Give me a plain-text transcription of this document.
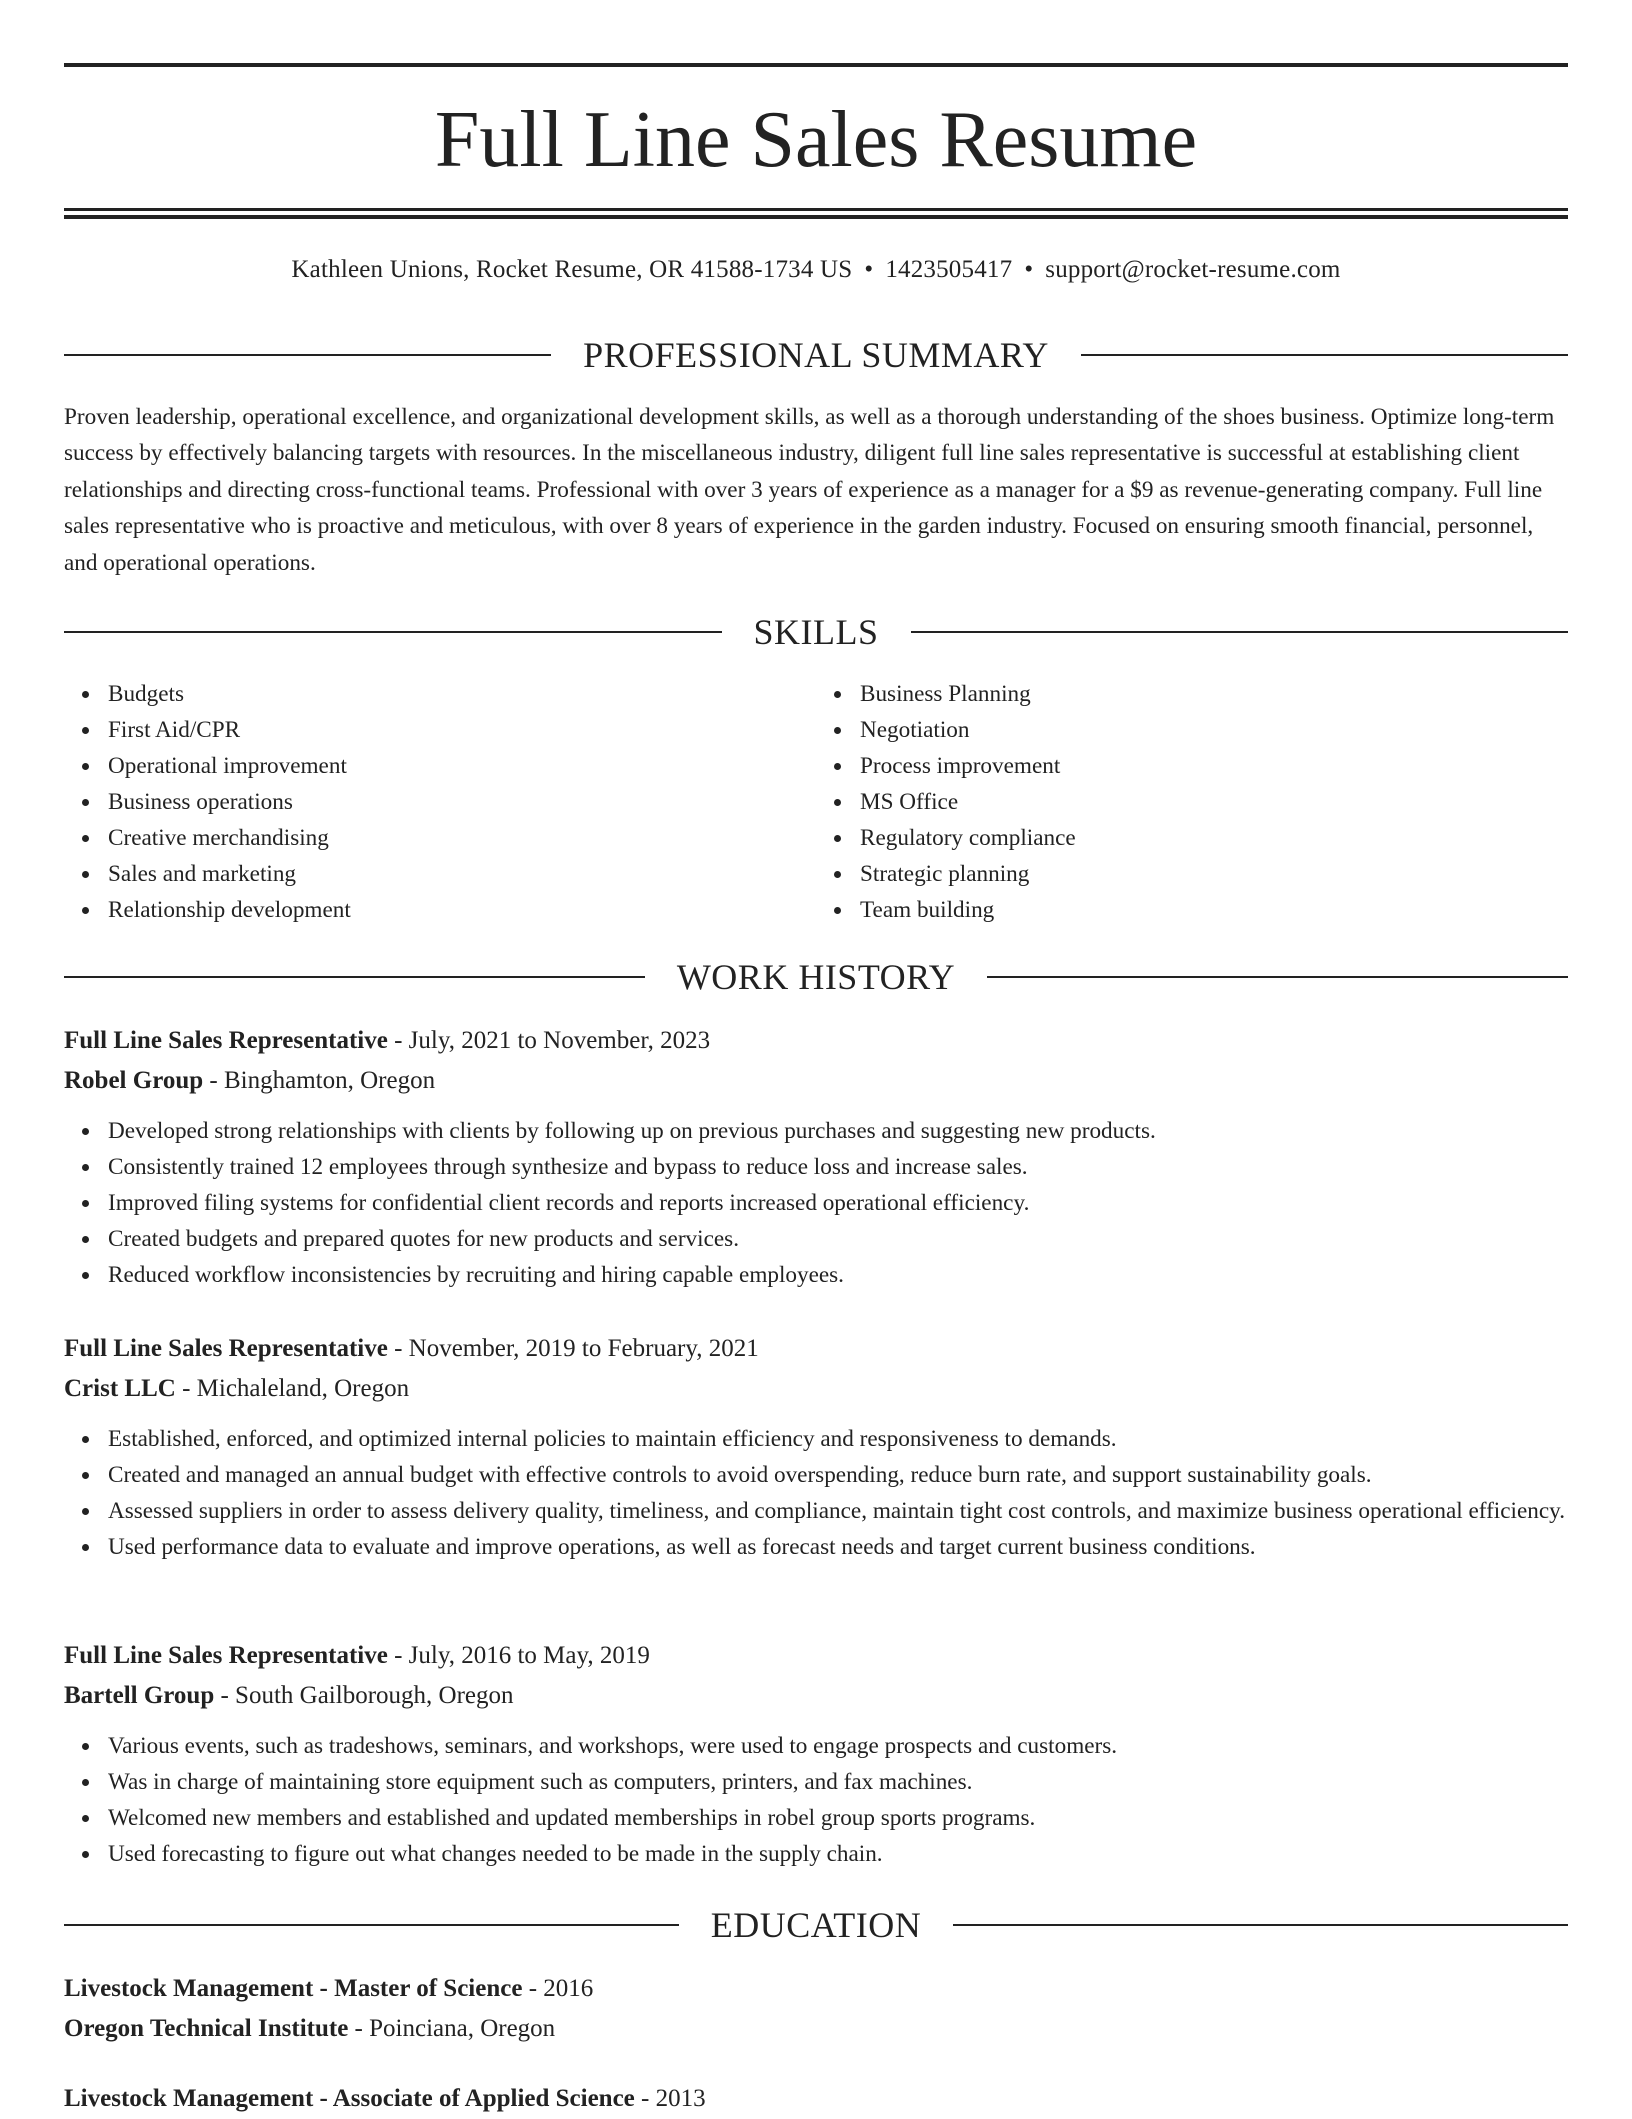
Full Line Sales Resume
Kathleen Unions, Rocket Resume, OR 41588-1734 US • 1423505417 • support@rocket-resume.com
PROFESSIONAL SUMMARY

Proven leadership, operational excellence, and organizational development skills, as well as a thorough understanding of the shoes business. Optimize long-term success by effectively balancing targets with resources. In the miscellaneous industry, diligent full line sales representative is successful at establishing client relationships and directing cross-functional teams. Professional with over 3 years of experience as a manager for a $9 as revenue-generating company. Full line sales representative who is proactive and meticulous, with over 8 years of experience in the garden industry. Focused on ensuring smooth financial, personnel, and operational operations.

SKILLS
Budgets
First Aid/CPR
Operational improvement
Business operations
Creative merchandising
Sales and marketing
Relationship development
Business Planning
Negotiation
Process improvement
MS Office
Regulatory compliance
Strategic planning
Team building
WORK HISTORY
Full Line Sales Representative - July, 2021 to November, 2023
Robel Group - Binghamton, Oregon
Developed strong relationships with clients by following up on previous purchases and suggesting new products.
Consistently trained 12 employees through synthesize and bypass to reduce loss and increase sales.
Improved filing systems for confidential client records and reports increased operational efficiency.
Created budgets and prepared quotes for new products and services.
Reduced workflow inconsistencies by recruiting and hiring capable employees.
Full Line Sales Representative - November, 2019 to February, 2021
Crist LLC - Michaleland, Oregon
Established, enforced, and optimized internal policies to maintain efficiency and responsiveness to demands.
Created and managed an annual budget with effective controls to avoid overspending, reduce burn rate, and support sustainability goals.
Assessed suppliers in order to assess delivery quality, timeliness, and compliance, maintain tight cost controls, and maximize business operational efficiency.
Used performance data to evaluate and improve operations, as well as forecast needs and target current business conditions.
Full Line Sales Representative - July, 2016 to May, 2019
Bartell Group - South Gailborough, Oregon
Various events, such as tradeshows, seminars, and workshops, were used to engage prospects and customers.
Was in charge of maintaining store equipment such as computers, printers, and fax machines.
Welcomed new members and established and updated memberships in robel group sports programs.
Used forecasting to figure out what changes needed to be made in the supply chain.
EDUCATION
Livestock Management - Master of Science - 2016
Oregon Technical Institute - Poinciana, Oregon
Livestock Management - Associate of Applied Science - 2013
